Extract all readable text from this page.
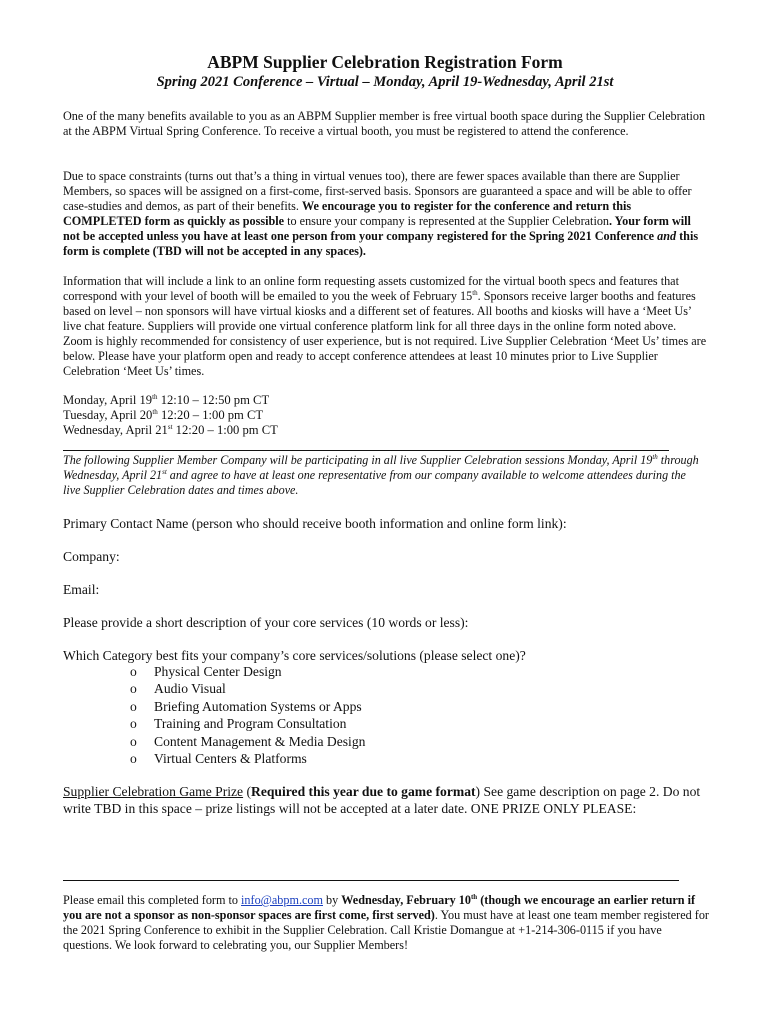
ABPM Supplier Celebration Registration Form
Spring 2021 Conference – Virtual – Monday, April 19-Wednesday, April 21st
One of the many benefits available to you as an ABPM Supplier member is free virtual booth space during the Supplier Celebration at the ABPM Virtual Spring Conference. To receive a virtual booth, you must be registered to attend the conference.
Due to space constraints (turns out that’s a thing in virtual venues too), there are fewer spaces available than there are Supplier Members, so spaces will be assigned on a first-come, first-served basis. Sponsors are guaranteed a space and will be able to offer case-studies and demos, as part of their benefits. We encourage you to register for the conference and return this COMPLETED form as quickly as possible to ensure your company is represented at the Supplier Celebration. Your form will not be accepted unless you have at least one person from your company registered for the Spring 2021 Conference and this form is complete (TBD will not be accepted in any spaces).
Information that will include a link to an online form requesting assets customized for the virtual booth specs and features that correspond with your level of booth will be emailed to you the week of February 15th. Sponsors receive larger booths and features based on level – non sponsors will have virtual kiosks and a different set of features. All booths and kiosks will have a ‘Meet Us’ live chat feature. Suppliers will provide one virtual conference platform link for all three days in the online form noted above. Zoom is highly recommended for consistency of user experience, but is not required. Live Supplier Celebration ‘Meet Us’ times are below. Please have your platform open and ready to accept conference attendees at least 10 minutes prior to Live Supplier Celebration ‘Meet Us’ times.
Monday, April 19th 12:10 – 12:50 pm CT
Tuesday, April 20th 12:20 – 1:00 pm CT
Wednesday, April 21st 12:20 – 1:00 pm CT
The following Supplier Member Company will be participating in all live Supplier Celebration sessions Monday, April 19th through Wednesday, April 21st and agree to have at least one representative from our company available to welcome attendees during the live Supplier Celebration dates and times above.
Primary Contact Name (person who should receive booth information and online form link):
Company:
Email:
Please provide a short description of your core services (10 words or less):
Which Category best fits your company’s core services/solutions (please select one)?
o	Physical Center Design
o	Audio Visual
o	Briefing Automation Systems or Apps
o	Training and Program Consultation
o	Content Management & Media Design
o	Virtual Centers & Platforms
Supplier Celebration Game Prize (Required this year due to game format) See game description on page 2. Do not write TBD in this space – prize listings will not be accepted at a later date. ONE PRIZE ONLY PLEASE:
Please email this completed form to info@abpm.com by Wednesday, February 10th (though we encourage an earlier return if you are not a sponsor as non-sponsor spaces are first come, first served). You must have at least one team member registered for the 2021 Spring Conference to exhibit in the Supplier Celebration. Call Kristie Domangue at +1-214-306-0115 if you have questions. We look forward to celebrating you, our Supplier Members!
